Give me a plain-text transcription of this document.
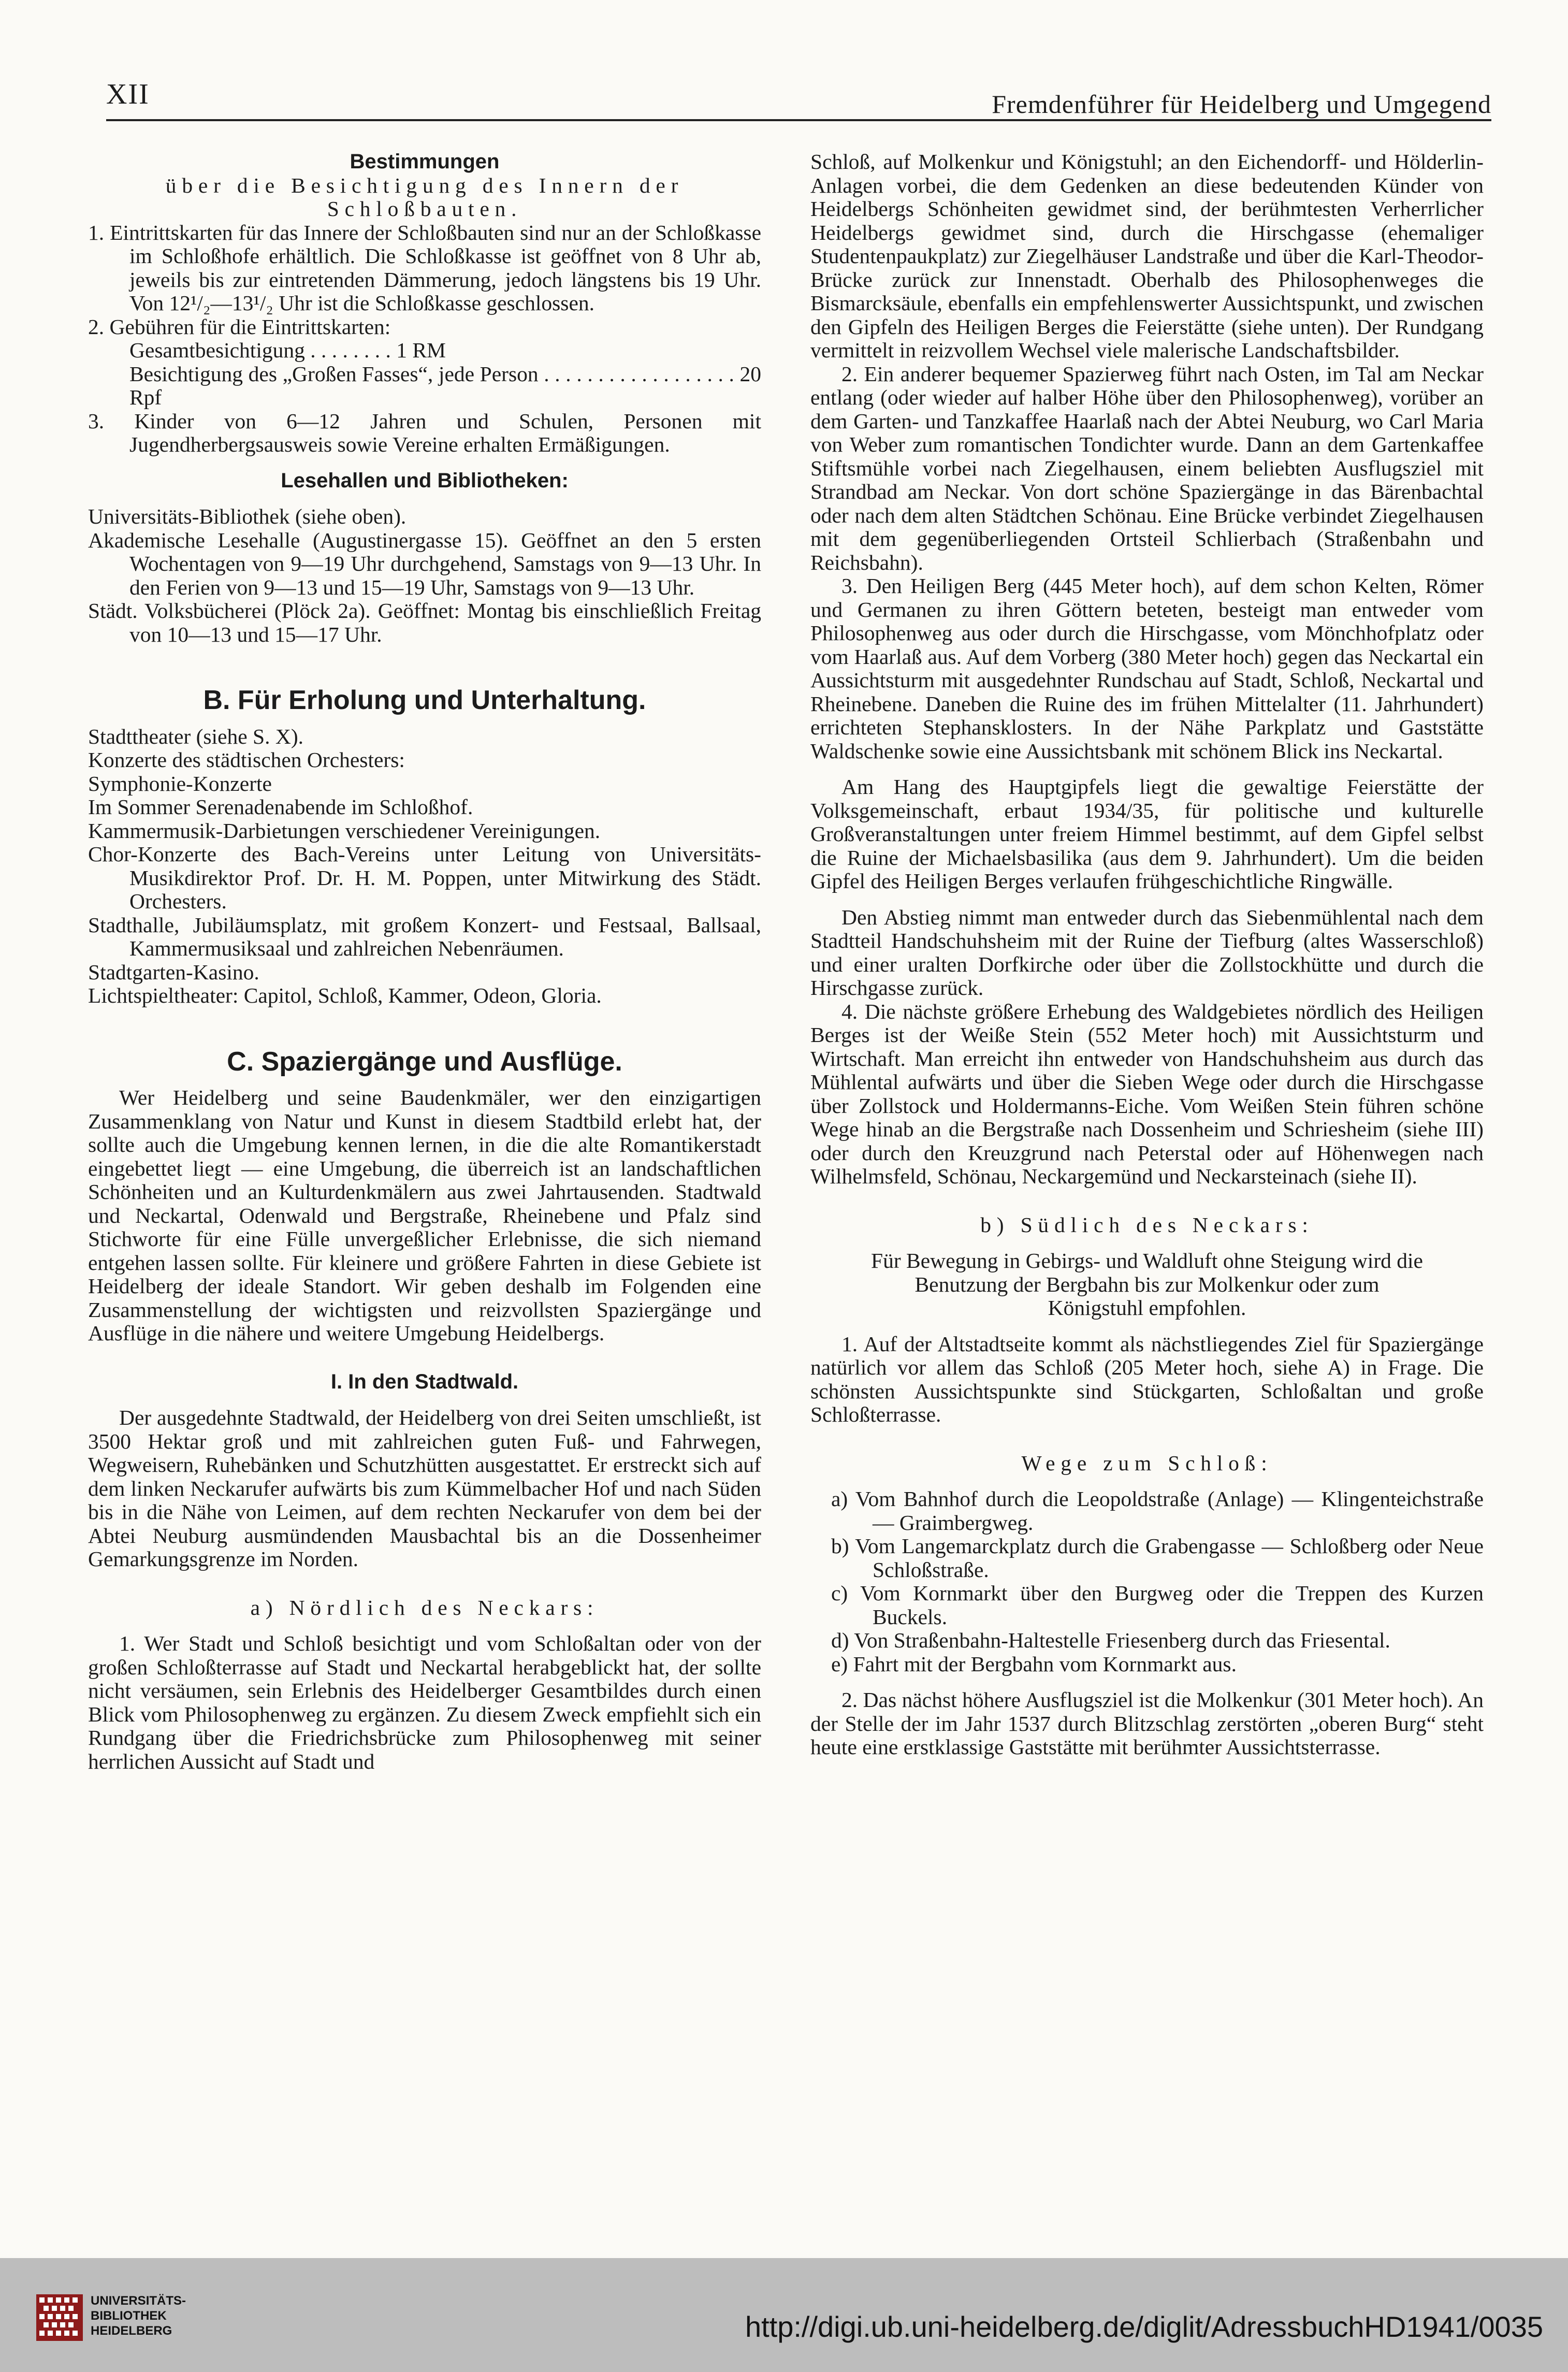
XII	Fremdenführer für Heidelberg und Umgegend
Bestimmungen
über die Besichtigung des Innern der Schloßbauten.
1. Eintrittskarten für das Innere der Schloßbauten sind nur an der Schloßkasse im Schloßhofe erhältlich. Die Schloßkasse ist geöffnet von 8 Uhr ab, jeweils bis zur eintretenden Dämmerung, jedoch längstens bis 19 Uhr. Von 12¹/₂—13¹/₂ Uhr ist die Schloßkasse geschlossen.
2. Gebühren für die Eintrittskarten:
Gesamtbesichtigung . . . . . . . . 1 RM
Besichtigung des „Großen Fasses“, jede Person . . . . . . . . . . . . . . . . . . 20 Rpf
3. Kinder von 6—12 Jahren und Schulen, Personen mit Jugendherbergsausweis sowie Vereine erhalten Ermäßigungen.
Lesehallen und Bibliotheken:
Universitäts-Bibliothek (siehe oben).
Akademische Lesehalle (Augustinergasse 15). Geöffnet an den 5 ersten Wochentagen von 9—19 Uhr durchgehend, Samstags von 9—13 Uhr. In den Ferien von 9—13 und 15—19 Uhr, Samstags von 9—13 Uhr.
Städt. Volksbücherei (Plöck 2a). Geöffnet: Montag bis einschließlich Freitag von 10—13 und 15—17 Uhr.
B. Für Erholung und Unterhaltung.
Stadttheater (siehe S. X).
Konzerte des städtischen Orchesters:
Symphonie-Konzerte
Im Sommer Serenadenabende im Schloßhof.
Kammermusik-Darbietungen verschiedener Vereinigungen.
Chor-Konzerte des Bach-Vereins unter Leitung von Universitäts-Musikdirektor Prof. Dr. H. M. Poppen, unter Mitwirkung des Städt. Orchesters.
Stadthalle, Jubiläumsplatz, mit großem Konzert- und Festsaal, Ballsaal, Kammermusiksaal und zahlreichen Nebenräumen.
Stadtgarten-Kasino.
Lichtspieltheater: Capitol, Schloß, Kammer, Odeon, Gloria.
C. Spaziergänge und Ausflüge.

Wer Heidelberg und seine Baudenkmäler, wer den einzigartigen Zusammenklang von Natur und Kunst in diesem Stadtbild erlebt hat, der sollte auch die Umgebung kennen lernen, in die die alte Romantikerstadt eingebettet liegt — eine Umgebung, die überreich ist an landschaftlichen Schönheiten und an Kulturdenkmälern aus zwei Jahrtausenden. Stadtwald und Neckartal, Odenwald und Bergstraße, Rheinebene und Pfalz sind Stichworte für eine Fülle unvergeßlicher Erlebnisse, die sich niemand entgehen lassen sollte. Für kleinere und größere Fahrten in diese Gebiete ist Heidelberg der ideale Standort. Wir geben deshalb im Folgenden eine Zusammenstellung der wichtigsten und reizvollsten Spaziergänge und Ausflüge in die nähere und weitere Umgebung Heidelbergs.

I. In den Stadtwald.

Der ausgedehnte Stadtwald, der Heidelberg von drei Seiten umschließt, ist 3500 Hektar groß und mit zahlreichen guten Fuß- und Fahrwegen, Wegweisern, Ruhebänken und Schutzhütten ausgestattet. Er erstreckt sich auf dem linken Neckarufer aufwärts bis zum Kümmelbacher Hof und nach Süden bis in die Nähe von Leimen, auf dem rechten Neckarufer von dem bei der Abtei Neuburg ausmündenden Mausbachtal bis an die Dossenheimer Gemarkungsgrenze im Norden.

a) Nördlich des Neckars:

1. Wer Stadt und Schloß besichtigt und vom Schloßaltan oder von der großen Schloßterrasse auf Stadt und Neckartal herabgeblickt hat, der sollte nicht versäumen, sein Erlebnis des Heidelberger Gesamtbildes durch einen Blick vom Philosophenweg zu ergänzen. Zu diesem Zweck empfiehlt sich ein Rundgang über die Friedrichsbrücke zum Philosophenweg mit seiner herrlichen Aussicht auf Stadt und

Schloß, auf Molkenkur und Königstuhl; an den Eichendorff- und Hölderlin-Anlagen vorbei, die dem Gedenken an diese bedeutenden Künder von Heidelbergs Schönheiten gewidmet sind, der berühmtesten Verherrlicher Heidelbergs gewidmet sind, durch die Hirschgasse (ehemaliger Studentenpaukplatz) zur Ziegelhäuser Landstraße und über die Karl-Theodor-Brücke zurück zur Innenstadt. Oberhalb des Philosophenweges die Bismarcksäule, ebenfalls ein empfehlenswerter Aussichtspunkt, und zwischen den Gipfeln des Heiligen Berges die Feierstätte (siehe unten). Der Rundgang vermittelt in reizvollem Wechsel viele malerische Landschaftsbilder.

2. Ein anderer bequemer Spazierweg führt nach Osten, im Tal am Neckar entlang (oder wieder auf halber Höhe über den Philosophenweg), vorüber an dem Garten- und Tanzkaffee Haarlaß nach der Abtei Neuburg, wo Carl Maria von Weber zum romantischen Tondichter wurde. Dann an dem Gartenkaffee Stiftsmühle vorbei nach Ziegelhausen, einem beliebten Ausflugsziel mit Strandbad am Neckar. Von dort schöne Spaziergänge in das Bärenbachtal oder nach dem alten Städtchen Schönau. Eine Brücke verbindet Ziegelhausen mit dem gegenüberliegenden Ortsteil Schlierbach (Straßenbahn und Reichsbahn).

3. Den Heiligen Berg (445 Meter hoch), auf dem schon Kelten, Römer und Germanen zu ihren Göttern beteten, besteigt man entweder vom Philosophenweg aus oder durch die Hirschgasse, vom Mönchhofplatz oder vom Haarlaß aus. Auf dem Vorberg (380 Meter hoch) gegen das Neckartal ein Aussichtsturm mit ausgedehnter Rundschau auf Stadt, Schloß, Neckartal und Rheinebene. Daneben die Ruine des im frühen Mittelalter (11. Jahrhundert) errichteten Stephansklosters. In der Nähe Parkplatz und Gaststätte Waldschenke sowie eine Aussichtsbank mit schönem Blick ins Neckartal.

Am Hang des Hauptgipfels liegt die gewaltige Feierstätte der Volksgemeinschaft, erbaut 1934/35, für politische und kulturelle Großveranstaltungen unter freiem Himmel bestimmt, auf dem Gipfel selbst die Ruine der Michaelsbasilika (aus dem 9. Jahrhundert). Um die beiden Gipfel des Heiligen Berges verlaufen frühgeschichtliche Ringwälle.

Den Abstieg nimmt man entweder durch das Siebenmühlental nach dem Stadtteil Handschuhsheim mit der Ruine der Tiefburg (altes Wasserschloß) und einer uralten Dorfkirche oder über die Zollstockhütte und durch die Hirschgasse zurück.

4. Die nächste größere Erhebung des Waldgebietes nördlich des Heiligen Berges ist der Weiße Stein (552 Meter hoch) mit Aussichtsturm und Wirtschaft. Man erreicht ihn entweder von Handschuhsheim aus durch das Mühlental aufwärts und über die Sieben Wege oder durch die Hirschgasse über Zollstock und Holdermanns-Eiche. Vom Weißen Stein führen schöne Wege hinab an die Bergstraße nach Dossenheim und Schriesheim (siehe III) oder durch den Kreuzgrund nach Peterstal oder auf Höhenwegen nach Wilhelmsfeld, Schönau, Neckargemünd und Neckarsteinach (siehe II).

b) Südlich des Neckars:
Für Bewegung in Gebirgs- und Waldluft ohne Steigung wird die Benutzung der Bergbahn bis zur Molkenkur oder zum Königstuhl empfohlen.

1. Auf der Altstadtseite kommt als nächstliegendes Ziel für Spaziergänge natürlich vor allem das Schloß (205 Meter hoch, siehe A) in Frage. Die schönsten Aussichtspunkte sind Stückgarten, Schloßaltan und große Schloßterrasse.

Wege zum Schloß:
a) Vom Bahnhof durch die Leopoldstraße (Anlage) — Klingenteichstraße — Graimbergweg.
b) Vom Langemarckplatz durch die Grabengasse — Schloßberg oder Neue Schloßstraße.
c) Vom Kornmarkt über den Burgweg oder die Treppen des Kurzen Buckels.
d) Von Straßenbahn-Haltestelle Friesenberg durch das Friesental.
e) Fahrt mit der Bergbahn vom Kornmarkt aus.

2. Das nächst höhere Ausflugsziel ist die Molkenkur (301 Meter hoch). An der Stelle der im Jahr 1537 durch Blitzschlag zerstörten „oberen Burg“ steht heute eine erstklassige Gaststätte mit berühmter Aussichtsterrasse.

UNIVERSITÄTS-
BIBLIOTHEK
HEIDELBERG	http://digi.ub.uni-heidelberg.de/diglit/AdressbuchHD1941/0035
